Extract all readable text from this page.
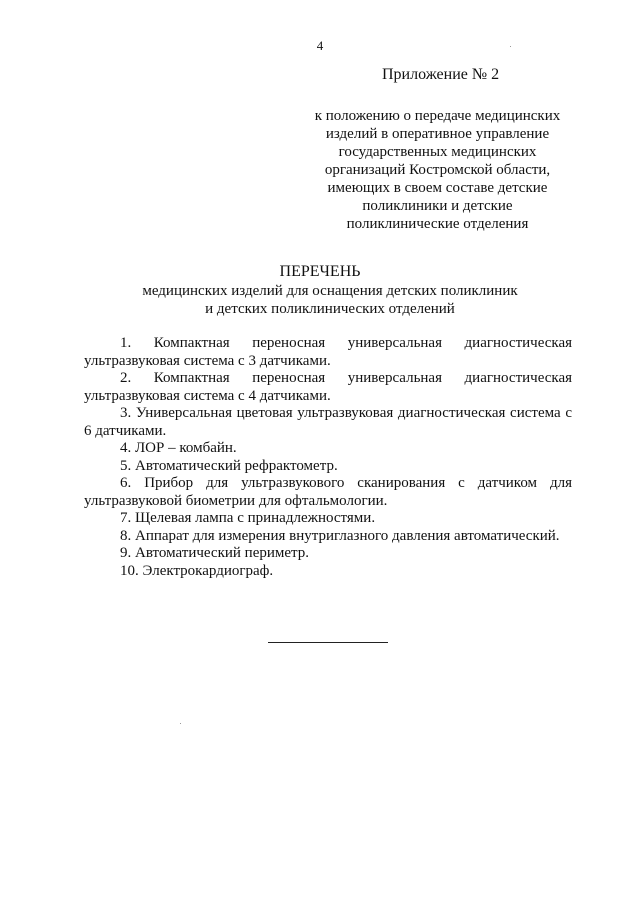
4
Приложение № 2
к положению о передаче медицинских
изделий в оперативное управление
государственных медицинских
организаций Костромской области,
имеющих в своем составе детские
поликлиники и детские
поликлинические отделения
ПЕРЕЧЕНЬ
медицинских изделий для оснащения детских поликлиник
и детских поликлинических отделений

1. Компактная переносная универсальная диагностическая ультразвуковая система с 3 датчиками.

2. Компактная переносная универсальная диагностическая ультразвуковая система с 4 датчиками.

3. Универсальная цветовая ультразвуковая диагностическая система с 6 датчиками.

4. ЛОР – комбайн.

5. Автоматический рефрактометр.

6. Прибор для ультразвукового сканирования с датчиком для ультразвуковой биометрии для офтальмологии.

7. Щелевая лампа с принадлежностями.

8. Аппарат для измерения внутриглазного давления автоматический.

9. Автоматический периметр.

10. Электрокардиограф.
